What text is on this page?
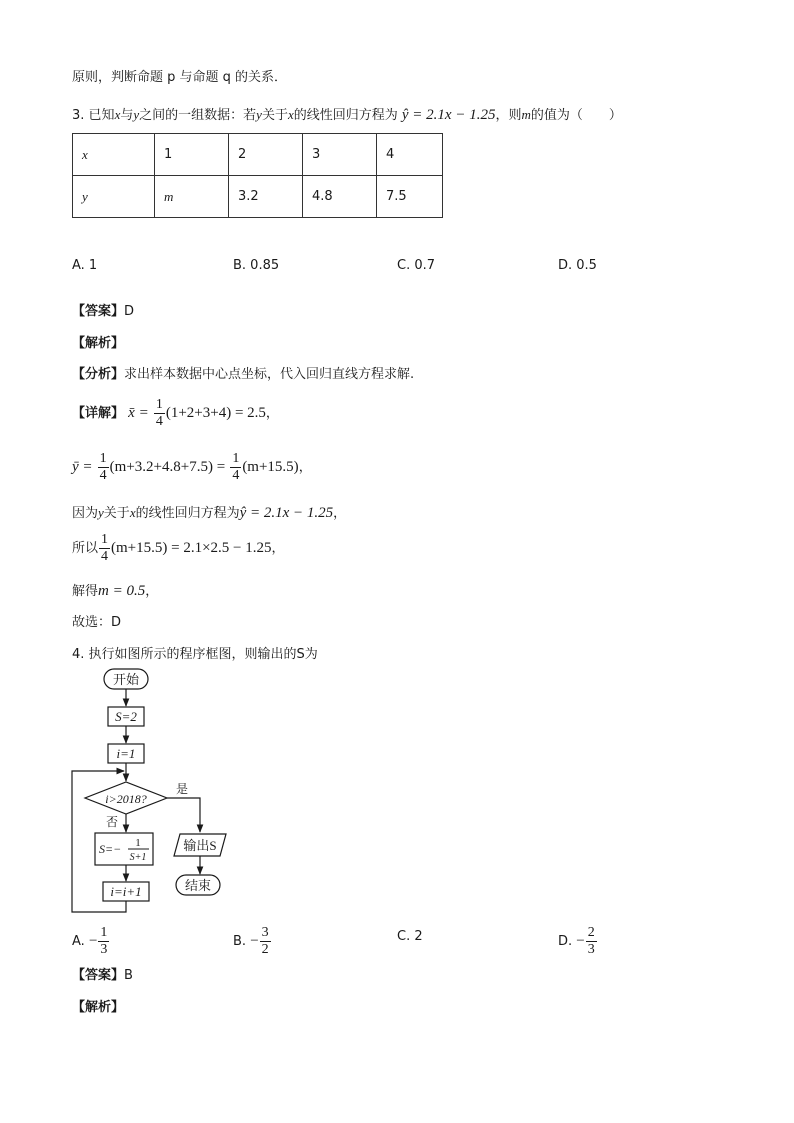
原则，判断命题 p 与命题 q 的关系．
3. 已知x与y之间的一组数据：若y关于x的线性回归方程为 ŷ = 2.1x − 1.25，则m的值为（　　）
x	1	2	3	4
y	m	3.2	4.8	7.5
A. 1	B. 0.85	C. 0.7	D. 0.5
【答案】D
【解析】
【分析】求出样本数据中心点坐标，代入回归直线方程求解.
【详解】 x̄ = $\frac{1}{4} (1+2+3+4) = 2.5$，
ȳ = $\frac{1}{4} (m+3.2+4.8+7.5) = \frac{1}{4} (m+15.5)$，
因为y关于x的线性回归方程为ŷ = 2.1x − 1.25，
所以 $\frac{1}{4} (m+15.5) = 2.1\times 2.5 - 1.25$，
解得m = 0.5，
故选：D
4. 执行如图所示的程序框图，则输出的S为
开始
S=2
i=1
i>2018?
是
否
S=− 1
S+1
i=i+1
输出S
结束
A. − $\frac{1}{3}$	B. − $\frac{3}{2}$	C. 2	D. − $\frac{2}{3}$
【答案】B
【解析】
